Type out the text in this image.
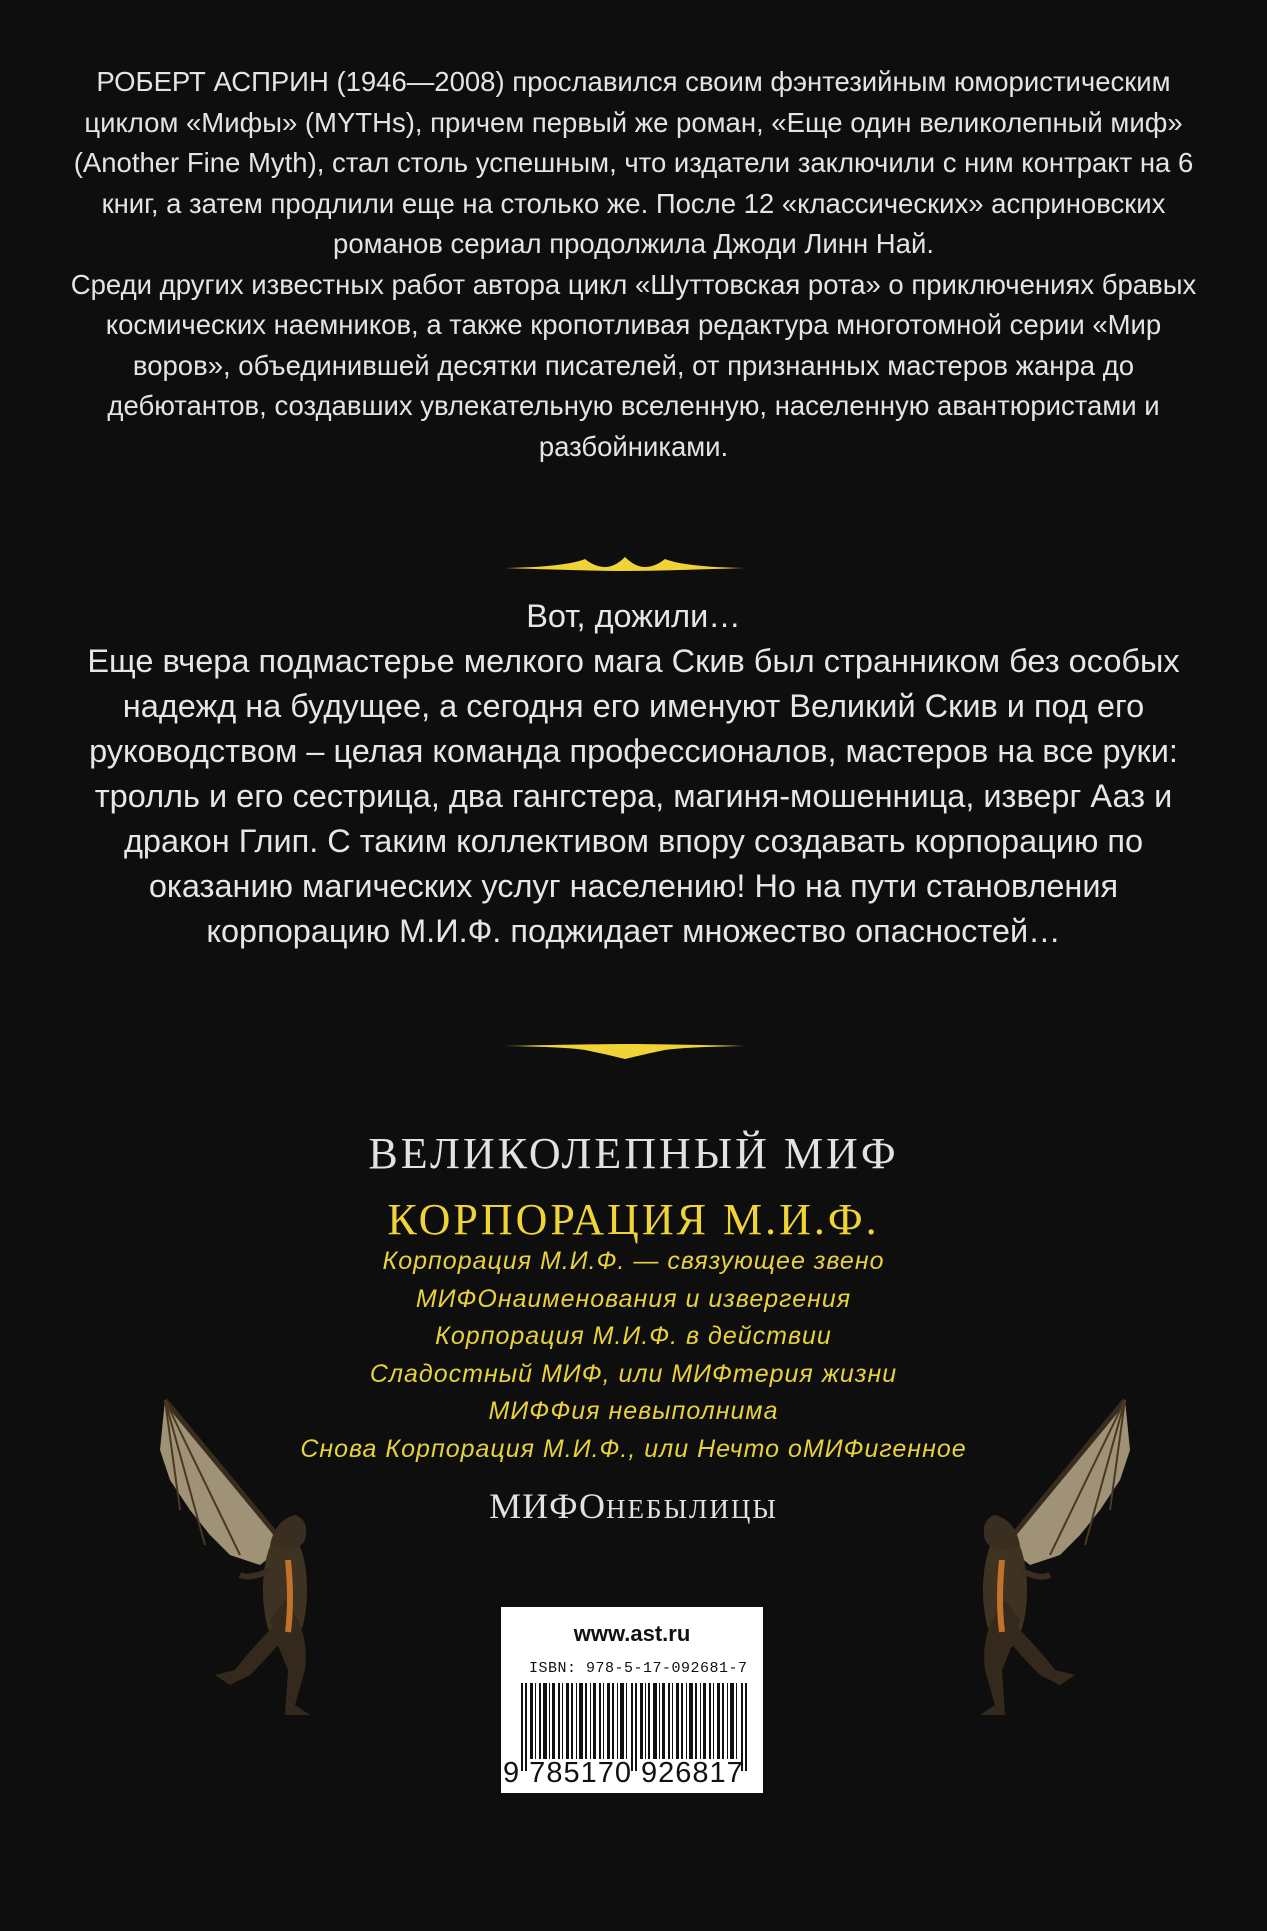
РОБЕРТ АСПРИН (1946—2008) прославился своим фэнтезийным юмористическим циклом «Мифы» (MYTHs), причем первый же роман, «Еще один великолепный миф» (Another Fine Myth), стал столь успешным, что издатели заключили с ним контракт на 6 книг, а затем продлили еще на столько же. После 12 «классических» асприновских романов сериал продолжила Джоди Линн Най.

Среди других известных работ автора цикл «Шуттовская рота» о приключениях бравых космических наемников, а также кропотливая редактура многотомной серии «Мир воров», объединившей десятки писателей, от признанных мастеров жанра до дебютантов, создавших увлекательную вселенную, населенную авантюристами и разбойниками.

Вот, дожили…

Еще вчера подмастерье мелкого мага Скив был странником без особых надежд на будущее, а сегодня его именуют Великий Скив и под его руководством – целая команда профессионалов, мастеров на все руки: тролль и его сестрица, два гангстера, магиня-мошенница, изверг Ааз и дракон Глип. С таким коллективом впору создавать корпорацию по оказанию магических услуг населению! Но на пути становления корпорацию М.И.Ф. поджидает множество опасностей…

ВЕЛИКОЛЕПНЫЙ МИФ
КОРПОРАЦИЯ М.И.Ф.
Корпорация М.И.Ф. — связующее звено
МИФОнаименования и извергения
Корпорация М.И.Ф. в действии
Сладостный МИФ, или МИФтерия жизни
МИФФия невыполнима
Снова Корпорация М.И.Ф., или Нечто оМИФигенное
МИФОНЕБЫЛИЦЫ
www.ast.ru
ISBN: 978-5-17-092681-7
9 785170 926817
